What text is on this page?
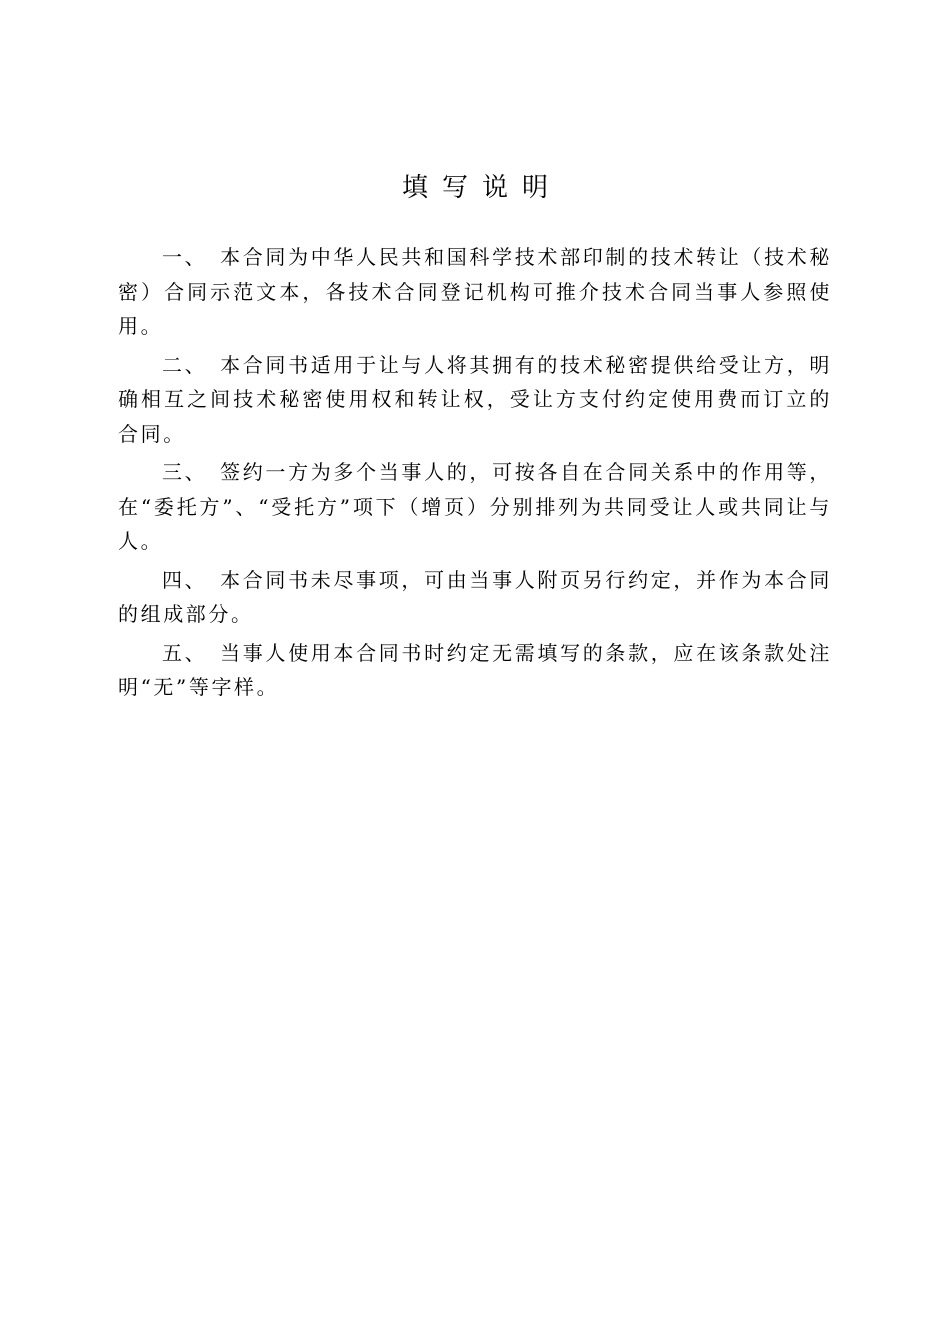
填写说明

一、 本合同为中华人民共和国科学技术部印制的技术转让（技术秘密）合同示范文本，各技术合同登记机构可推介技术合同当事人参照使用。

二、 本合同书适用于让与人将其拥有的技术秘密提供给受让方，明确相互之间技术秘密使用权和转让权，受让方支付约定使用费而订立的合同。

三、 签约一方为多个当事人的，可按各自在合同关系中的作用等，在“委托方”、“受托方”项下（增页）分别排列为共同受让人或共同让与人。

四、 本合同书未尽事项，可由当事人附页另行约定，并作为本合同的组成部分。

五、 当事人使用本合同书时约定无需填写的条款，应在该条款处注明“无”等字样。
